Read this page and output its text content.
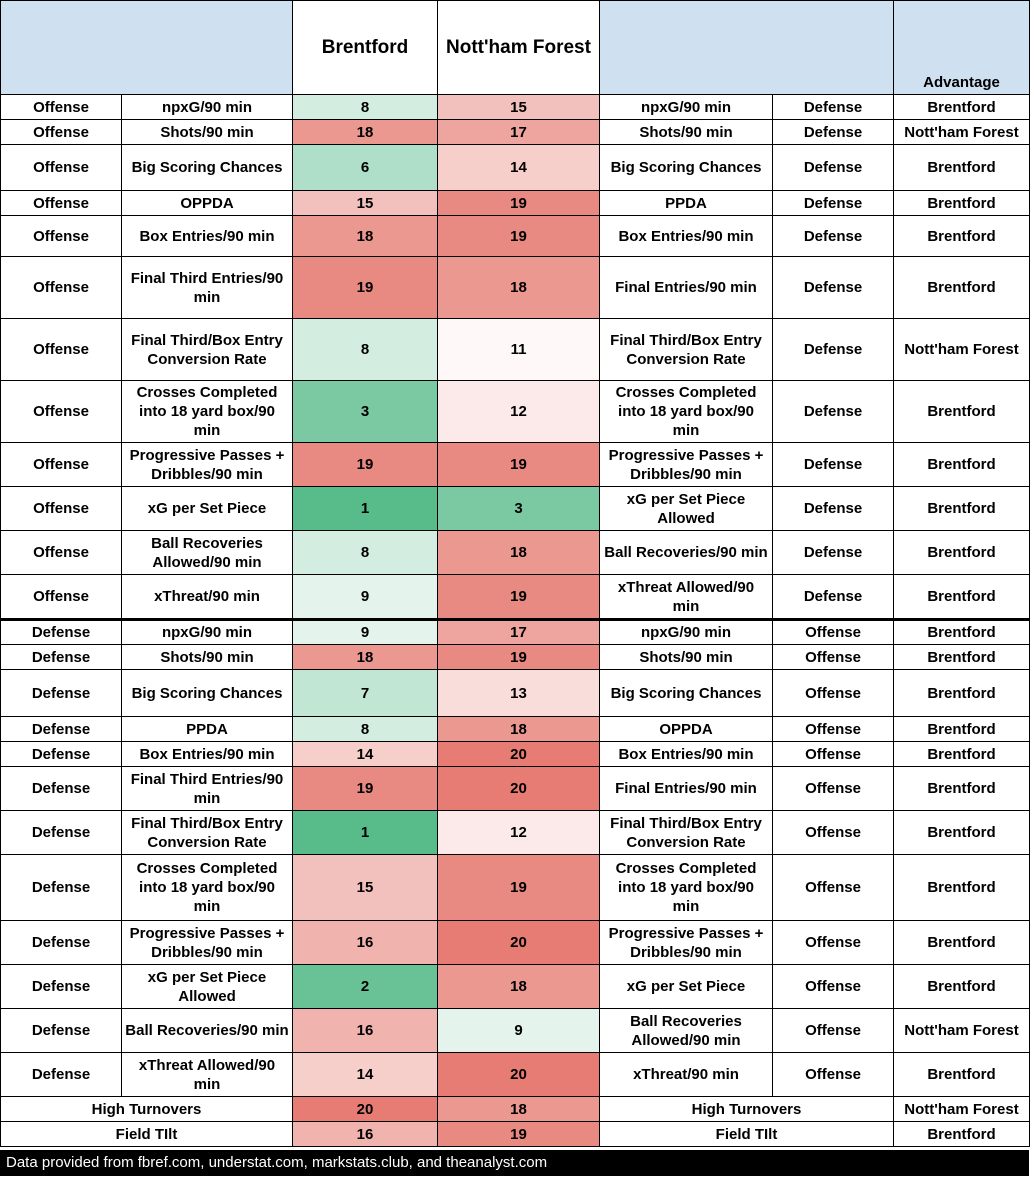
		Brentford	Nott'ham Forest			Advantage
Offense	npxG/90 min	8	15	npxG/90 min	Defense	Brentford
Offense	Shots/90 min	18	17	Shots/90 min	Defense	Nott'ham Forest
Offense	Big Scoring Chances	6	14	Big Scoring Chances	Defense	Brentford
Offense	OPPDA	15	19	PPDA	Defense	Brentford
Offense	Box Entries/90 min	18	19	Box Entries/90 min	Defense	Brentford
Offense	Final Third Entries/90 min	19	18	Final Entries/90 min	Defense	Brentford
Offense	Final Third/Box Entry Conversion Rate	8	11	Final Third/Box Entry Conversion Rate	Defense	Nott'ham Forest
Offense	Crosses Completed into 18 yard box/90 min	3	12	Crosses Completed into 18 yard box/90 min	Defense	Brentford
Offense	Progressive Passes + Dribbles/90 min	19	19	Progressive Passes + Dribbles/90 min	Defense	Brentford
Offense	xG per Set Piece	1	3	xG per Set Piece Allowed	Defense	Brentford
Offense	Ball Recoveries Allowed/90 min	8	18	Ball Recoveries/90 min	Defense	Brentford
Offense	xThreat/90 min	9	19	xThreat Allowed/90 min	Defense	Brentford
Defense	npxG/90 min	9	17	npxG/90 min	Offense	Brentford
Defense	Shots/90 min	18	19	Shots/90 min	Offense	Brentford
Defense	Big Scoring Chances	7	13	Big Scoring Chances	Offense	Brentford
Defense	PPDA	8	18	OPPDA	Offense	Brentford
Defense	Box Entries/90 min	14	20	Box Entries/90 min	Offense	Brentford
Defense	Final Third Entries/90 min	19	20	Final Entries/90 min	Offense	Brentford
Defense	Final Third/Box Entry Conversion Rate	1	12	Final Third/Box Entry Conversion Rate	Offense	Brentford
Defense	Crosses Completed into 18 yard box/90 min	15	19	Crosses Completed into 18 yard box/90 min	Offense	Brentford
Defense	Progressive Passes + Dribbles/90 min	16	20	Progressive Passes + Dribbles/90 min	Offense	Brentford
Defense	xG per Set Piece Allowed	2	18	xG per Set Piece	Offense	Brentford
Defense	Ball Recoveries/90 min	16	9	Ball Recoveries Allowed/90 min	Offense	Nott'ham Forest
Defense	xThreat Allowed/90 min	14	20	xThreat/90 min	Offense	Brentford
High Turnovers		20	18	High Turnovers		Nott'ham Forest
Field TIlt		16	19	Field TIlt		Brentford
Data provided from fbref.com, understat.com, markstats.club, and theanalyst.com
